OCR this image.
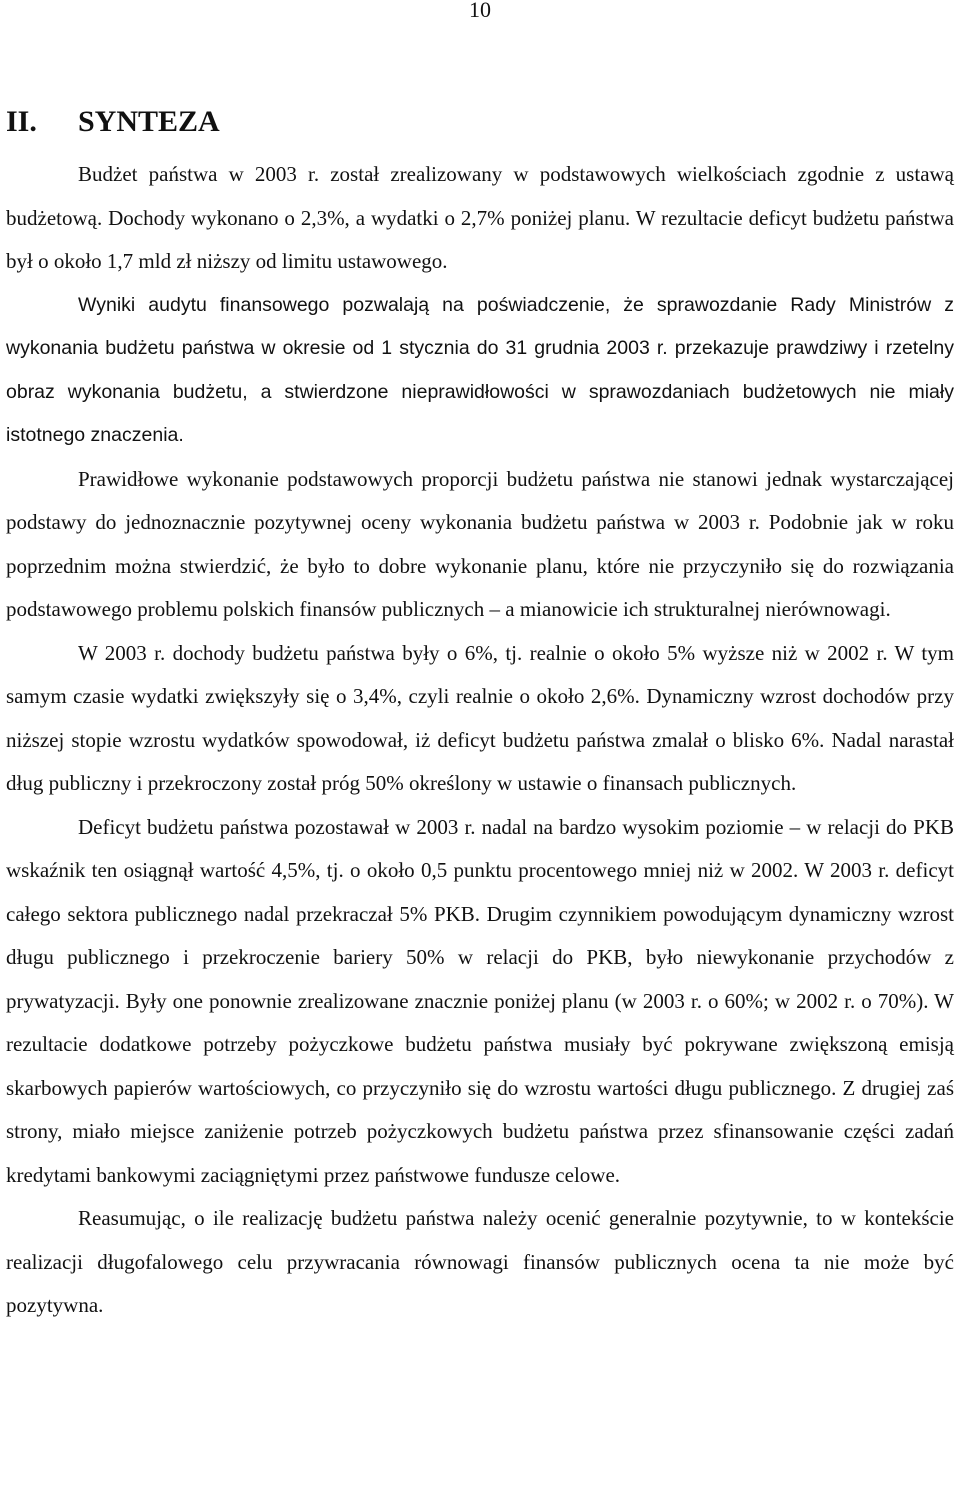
10
II. SYNTEZA

Budżet państwa w 2003 r. został zrealizowany w podstawowych wielkościach zgodnie z ustawą budżetową. Dochody wykonano o 2,3%, a wydatki o 2,7% poniżej planu. W rezultacie deficyt budżetu państwa był o około 1,7 mld zł niższy od limitu ustawowego.

Wyniki audytu finansowego pozwalają na poświadczenie, że sprawozdanie Rady Ministrów z wykonania budżetu państwa w okresie od 1 stycznia do 31 grudnia 2003 r. przekazuje prawdziwy i rzetelny obraz wykonania budżetu, a stwierdzone nieprawidłowości w sprawozdaniach budżetowych nie miały istotnego znaczenia.

Prawidłowe wykonanie podstawowych proporcji budżetu państwa nie stanowi jednak wystarczającej podstawy do jednoznacznie pozytywnej oceny wykonania budżetu państwa w 2003 r. Podobnie jak w roku poprzednim można stwierdzić, że było to dobre wykonanie planu, które nie przyczyniło się do rozwiązania podstawowego problemu polskich finansów publicznych – a mianowicie ich strukturalnej nierównowagi.

W 2003 r. dochody budżetu państwa były o 6%, tj. realnie o około 5% wyższe niż w 2002 r. W tym samym czasie wydatki zwiększyły się o 3,4%, czyli realnie o około 2,6%. Dynamiczny wzrost dochodów przy niższej stopie wzrostu wydatków spowodował, iż deficyt budżetu państwa zmalał o blisko 6%. Nadal narastał dług publiczny i przekroczony został próg 50% określony w ustawie o finansach publicznych.

Deficyt budżetu państwa pozostawał w 2003 r. nadal na bardzo wysokim poziomie – w relacji do PKB wskaźnik ten osiągnął wartość 4,5%, tj. o około 0,5 punktu procentowego mniej niż w 2002. W 2003 r. deficyt całego sektora publicznego nadal przekraczał 5% PKB. Drugim czynnikiem powodującym dynamiczny wzrost długu publicznego i przekroczenie bariery 50% w relacji do PKB, było niewykonanie przychodów z prywatyzacji. Były one ponownie zrealizowane znacznie poniżej planu (w 2003 r. o 60%; w 2002 r. o 70%). W rezultacie dodatkowe potrzeby pożyczkowe budżetu państwa musiały być pokrywane zwiększoną emisją skarbowych papierów wartościowych, co przyczyniło się do wzrostu wartości długu publicznego. Z drugiej zaś strony, miało miejsce zaniżenie potrzeb pożyczkowych budżetu państwa przez sfinansowanie części zadań kredytami bankowymi zaciągniętymi przez państwowe fundusze celowe.

Reasumując, o ile realizację budżetu państwa należy ocenić generalnie pozytywnie, to w kontekście realizacji długofalowego celu przywracania równowagi finansów publicznych ocena ta nie może być pozytywna.
